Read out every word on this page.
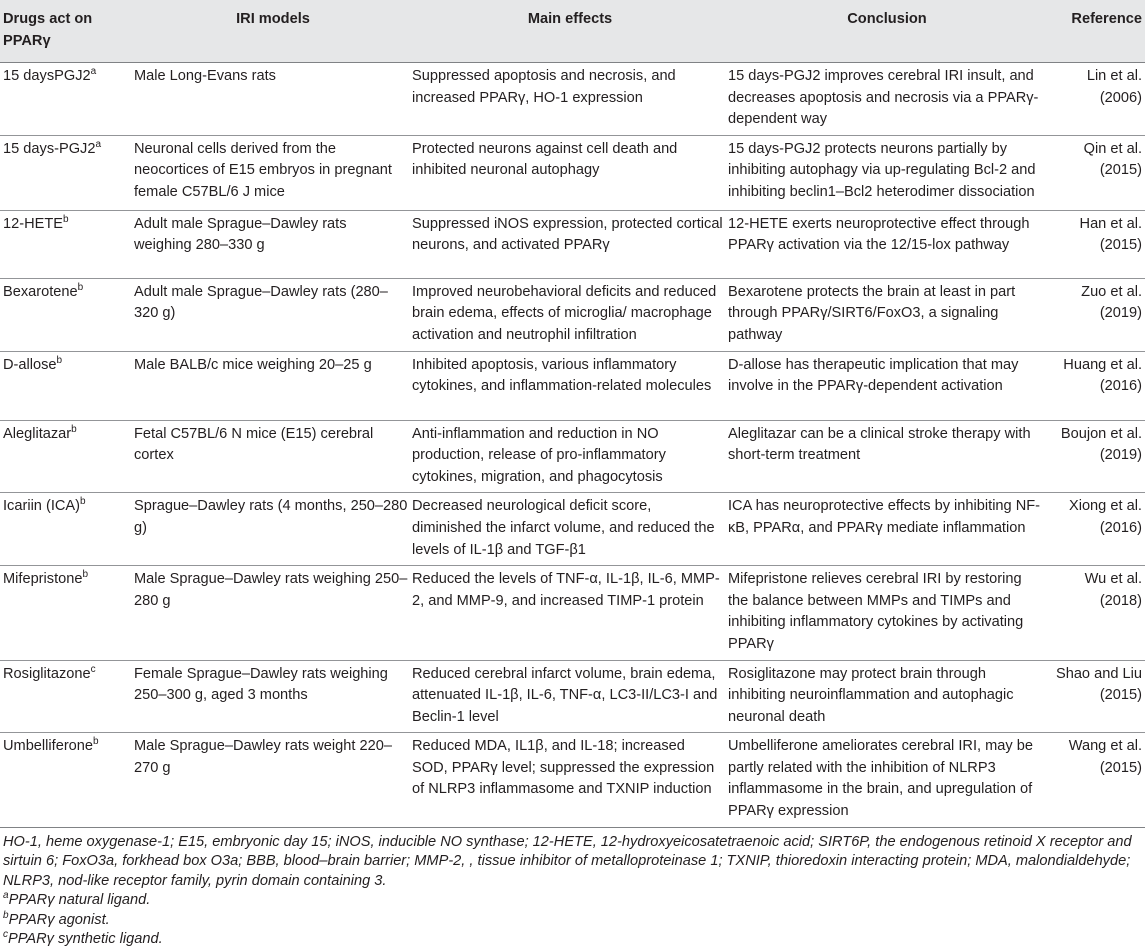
Drugs act on PPARγ	IRI models	Main effects	Conclusion	Reference
15 daysPGJ2$^a$	Male Long-Evans rats	Suppressed apoptosis and necrosis, and increased PPARγ, HO-1 expression	15 days-PGJ2 improves cerebral IRI insult, and decreases apoptosis and necrosis via a PPARγ-dependent way	Lin et al. (2006)
15 days-PGJ2$^a$	Neuronal cells derived from the neocortices of E15 embryos in pregnant female C57BL/6 J mice	Protected neurons against cell death and inhibited neuronal autophagy	15 days-PGJ2 protects neurons partially by inhibiting autophagy via up-regulating Bcl-2 and inhibiting beclin1–Bcl2 heterodimer dissociation	Qin et al. (2015)
12-HETE$^b$	Adult male Sprague–Dawley rats weighing 280–330 g	Suppressed iNOS expression, protected cortical neurons, and activated PPARγ	12-HETE exerts neuroprotective effect through PPARγ activation via the 12/15-lox pathway	Han et al. (2015)
Bexarotene$^b$	Adult male Sprague–Dawley rats (280–320 g)	Improved neurobehavioral deficits and reduced brain edema, effects of microglia/ macrophage activation and neutrophil infiltration	Bexarotene protects the brain at least in part through PPARγ/SIRT6/FoxO3, a signaling pathway	Zuo et al. (2019)
D-allose$^b$	Male BALB/c mice weighing 20–25 g	Inhibited apoptosis, various inflammatory cytokines, and inflammation-related molecules	D-allose has therapeutic implication that may involve in the PPARγ-dependent activation	Huang et al. (2016)
Aleglitazar$^b$	Fetal C57BL/6 N mice (E15) cerebral cortex	Anti-inflammation and reduction in NO production, release of pro-inflammatory cytokines, migration, and phagocytosis	Aleglitazar can be a clinical stroke therapy with short-term treatment	Boujon et al. (2019)
Icariin (ICA)$^b$	Sprague–Dawley rats (4 months, 250–280 g)	Decreased neurological deficit score, diminished the infarct volume, and reduced the levels of IL-1β and TGF-β1	ICA has neuroprotective effects by inhibiting NF-κB, PPARα, and PPARγ mediate inflammation	Xiong et al. (2016)
Mifepristone$^b$	Male Sprague–Dawley rats weighing 250–280 g	Reduced the levels of TNF-α, IL-1β, IL-6, MMP-2, and MMP-9, and increased TIMP-1 protein	Mifepristone relieves cerebral IRI by restoring the balance between MMPs and TIMPs and inhibiting inflammatory cytokines by activating PPARγ	Wu et al. (2018)
Rosiglitazone$^c$	Female Sprague–Dawley rats weighing 250–300 g, aged 3 months	Reduced cerebral infarct volume, brain edema, attenuated IL-1β, IL-6, TNF-α, LC3-II/LC3-I and Beclin-1 level	Rosiglitazone may protect brain through inhibiting neuroinflammation and autophagic neuronal death	Shao and Liu (2015)
Umbelliferone$^b$	Male Sprague–Dawley rats weight 220–270 g	Reduced MDA, IL1β, and IL-18; increased SOD, PPARγ level; suppressed the expression of NLRP3 inflammasome and TXNIP induction	Umbelliferone ameliorates cerebral IRI, may be partly related with the inhibition of NLRP3 inflammasome in the brain, and upregulation of PPARγ expression	Wang et al. (2015)

HO-1, heme oxygenase-1; E15, embryonic day 15; iNOS, inducible NO synthase; 12-HETE, 12-hydroxyeicosatetraenoic acid; SIRT6P, the endogenous retinoid X receptor and sirtuin 6; FoxO3a, forkhead box O3a; BBB, blood–brain barrier; MMP-2, , tissue inhibitor of metalloproteinase 1; TXNIP, thioredoxin interacting protein; MDA, malondialdehyde; NLRP3, nod-like receptor family, pyrin domain containing 3.

$^a$PPARγ natural ligand.

$^b$PPARγ agonist.

$^c$PPARγ synthetic ligand.
